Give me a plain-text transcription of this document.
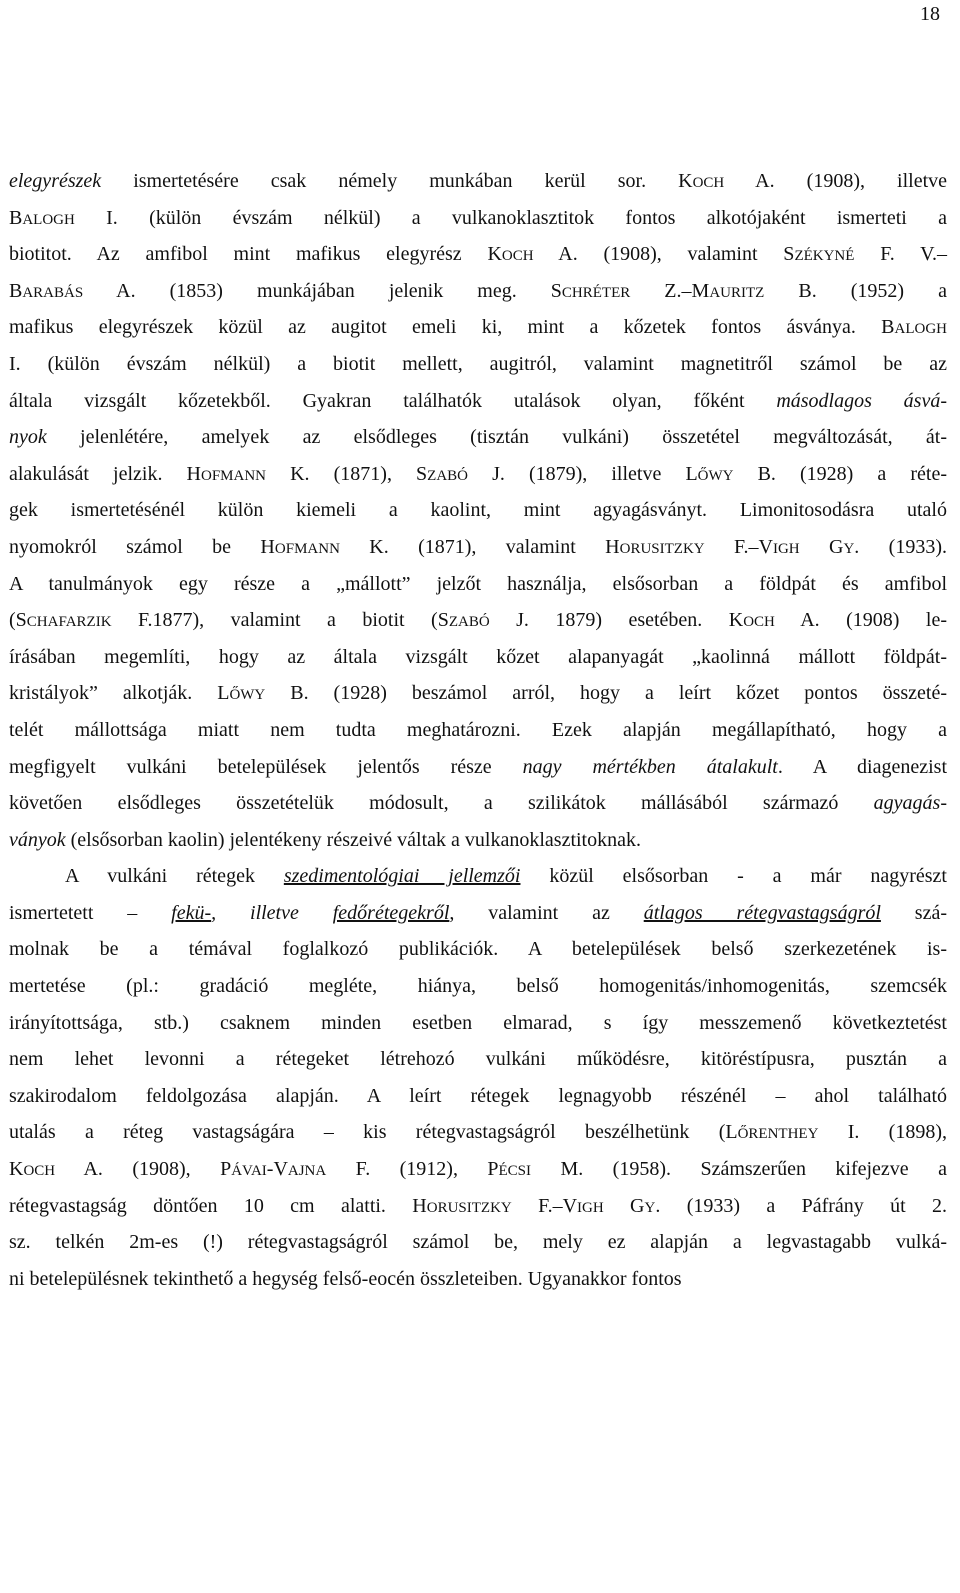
18
elegyrészek ismertetésére csak némely munkában kerül sor. KOCH A. (1908), illetve
BALOGH I. (külön évszám nélkül) a vulkanoklasztitok fontos alkotójaként ismerteti a
biotitot. Az amfibol mint mafikus elegyrész KOCH A. (1908), valamint SZÉKYNÉ F. V.–
BARABÁS A. (1853) munkájában jelenik meg. SCHRÉTER Z.–MAURITZ B. (1952) a
mafikus elegyrészek közül az augitot emeli ki, mint a kőzetek fontos ásványa. BALOGH
I. (külön évszám nélkül) a biotit mellett, augitról, valamint magnetitről számol be az
általa vizsgált kőzetekből. Gyakran találhatók utalások olyan, főként másodlagos ásvá-
nyok jelenlétére, amelyek az elsődleges (tisztán vulkáni) összetétel megváltozását, át-
alakulását jelzik. HOFMANN K. (1871), SZABÓ J. (1879), illetve LŐWY B. (1928) a réte-
gek ismertetésénél külön kiemeli a kaolint, mint agyagásványt. Limonitosodásra utaló
nyomokról számol be HOFMANN K. (1871), valamint HORUSITZKY F.–VIGH GY. (1933).
A tanulmányok egy része a „mállott” jelzőt használja, elsősorban a földpát és amfibol
(SCHAFARZIK F.1877), valamint a biotit (SZABÓ J. 1879) esetében. KOCH A. (1908) le-
írásában megemlíti, hogy az általa vizsgált kőzet alapanyagát „kaolinná mállott földpát-
kristályok” alkotják. LŐWY B. (1928) beszámol arról, hogy a leírt kőzet pontos összeté-
telét mállottsága miatt nem tudta meghatározni. Ezek alapján megállapítható, hogy a
megfigyelt vulkáni betelepülések jelentős része nagy mértékben átalakult. A diagenezist
követően elsődleges összetételük módosult, a szilikátok mállásából származó agyagás-
ványok (elsősorban kaolin) jelentékeny részeivé váltak a vulkanoklasztitoknak.
A vulkáni rétegek szedimentológiai jellemzői közül elsősorban - a már nagyrészt
ismertetett – fekü-, illetve fedőrétegekről, valamint az átlagos rétegvastagságról szá-
molnak be a témával foglalkozó publikációk. A betelepülések belső szerkezetének is-
mertetése (pl.: gradáció megléte, hiánya, belső homogenitás/inhomogenitás, szemcsék
irányítottsága, stb.) csaknem minden esetben elmarad, s így messzemenő következtetést
nem lehet levonni a rétegeket létrehozó vulkáni működésre, kitöréstípusra, pusztán a
szakirodalom feldolgozása alapján. A leírt rétegek legnagyobb részénél – ahol található
utalás a réteg vastagságára – kis rétegvastagságról beszélhetünk (LŐRENTHEY I. (1898),
KOCH A. (1908), PÁVAI-VAJNA F. (1912), PÉCSI M. (1958). Számszerűen kifejezve a
rétegvastagság döntően 10 cm alatti. HORUSITZKY F.–VIGH GY. (1933) a Páfrány út 2.
sz. telkén 2m-es (!) rétegvastagságról számol be, mely ez alapján a legvastagabb vulká-
ni betelepülésnek tekinthető a hegység felső-eocén összleteiben. Ugyanakkor fontos
